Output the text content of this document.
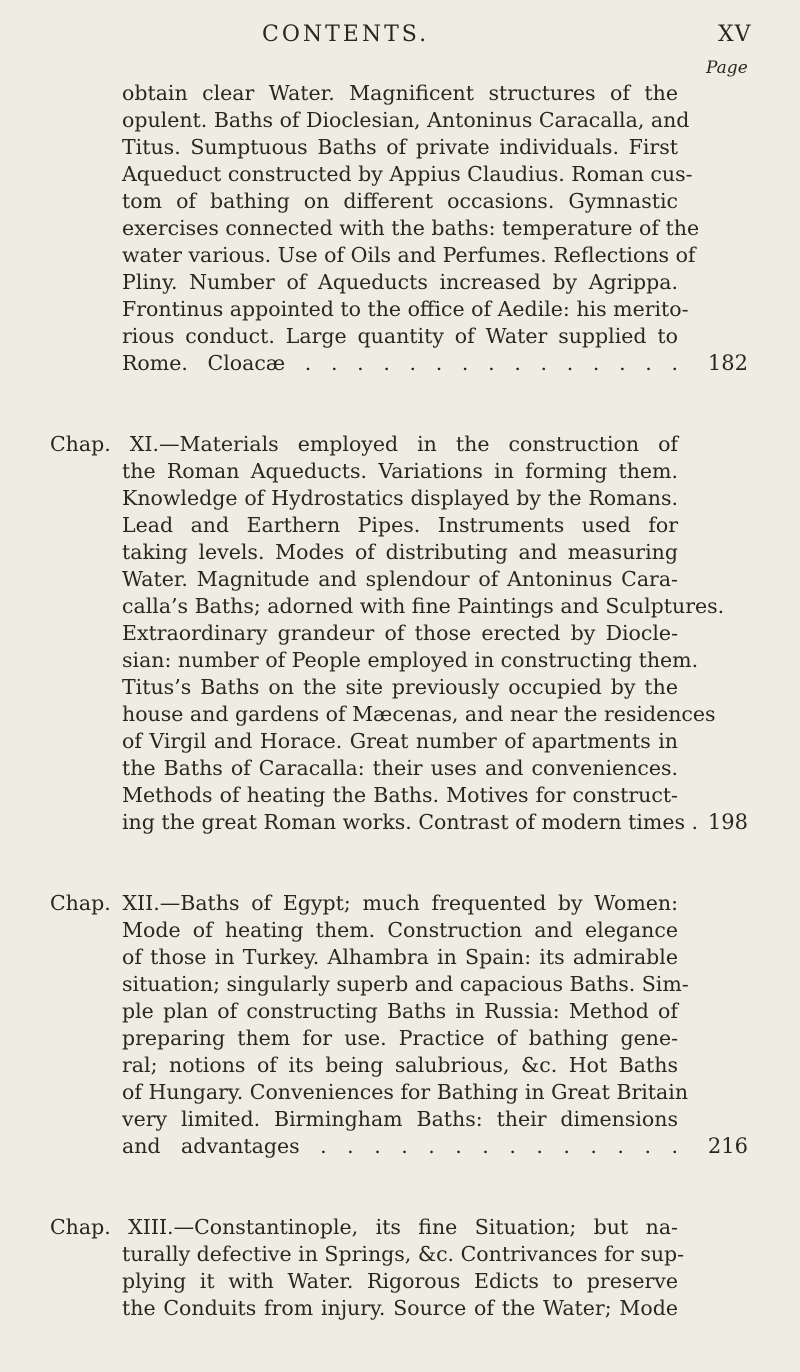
CONTENTS.	XV
Page
obtain clear Water. Magnificent structures of the
opulent. Baths of Dioclesian, Antoninus Caracalla, and
Titus. Sumptuous Baths of private individuals. First
Aqueduct constructed by Appius Claudius. Roman cus-
tom of bathing on different occasions. Gymnastic
exercises connected with the baths: temperature of the
water various. Use of Oils and Perfumes. Reflections of
Pliny. Number of Aqueducts increased by Agrippa.
Frontinus appointed to the office of Aedile: his merito-
rious conduct. Large quantity of Water supplied to
Rome. Cloacæ . . . . . . . . . . . . . . .	182
Chap. XI.—Materials employed in the construction of
the Roman Aqueducts. Variations in forming them.
Knowledge of Hydrostatics displayed by the Romans.
Lead and Earthern Pipes. Instruments used for
taking levels. Modes of distributing and measuring
Water. Magnitude and splendour of Antoninus Cara-
calla’s Baths; adorned with fine Paintings and Sculptures.
Extraordinary grandeur of those erected by Diocle-
sian: number of People employed in constructing them.
Titus’s Baths on the site previously occupied by the
house and gardens of Mæcenas, and near the residences
of Virgil and Horace. Great number of apartments in
the Baths of Caracalla: their uses and conveniences.
Methods of heating the Baths. Motives for construct-
ing the great Roman works. Contrast of modern times . 198
Chap. XII.—Baths of Egypt; much frequented by Women:
Mode of heating them. Construction and elegance
of those in Turkey. Alhambra in Spain: its admirable
situation; singularly superb and capacious Baths. Sim-
ple plan of constructing Baths in Russia: Method of
preparing them for use. Practice of bathing gene-
ral; notions of its being salubrious, &c. Hot Baths
of Hungary. Conveniences for Bathing in Great Britain
very limited. Birmingham Baths: their dimensions
and advantages . . . . . . . . . . . . . .	216
Chap. XIII.—Constantinople, its fine Situation; but na-
turally defective in Springs, &c. Contrivances for sup-
plying it with Water. Rigorous Edicts to preserve
the Conduits from injury. Source of the Water; Mode
